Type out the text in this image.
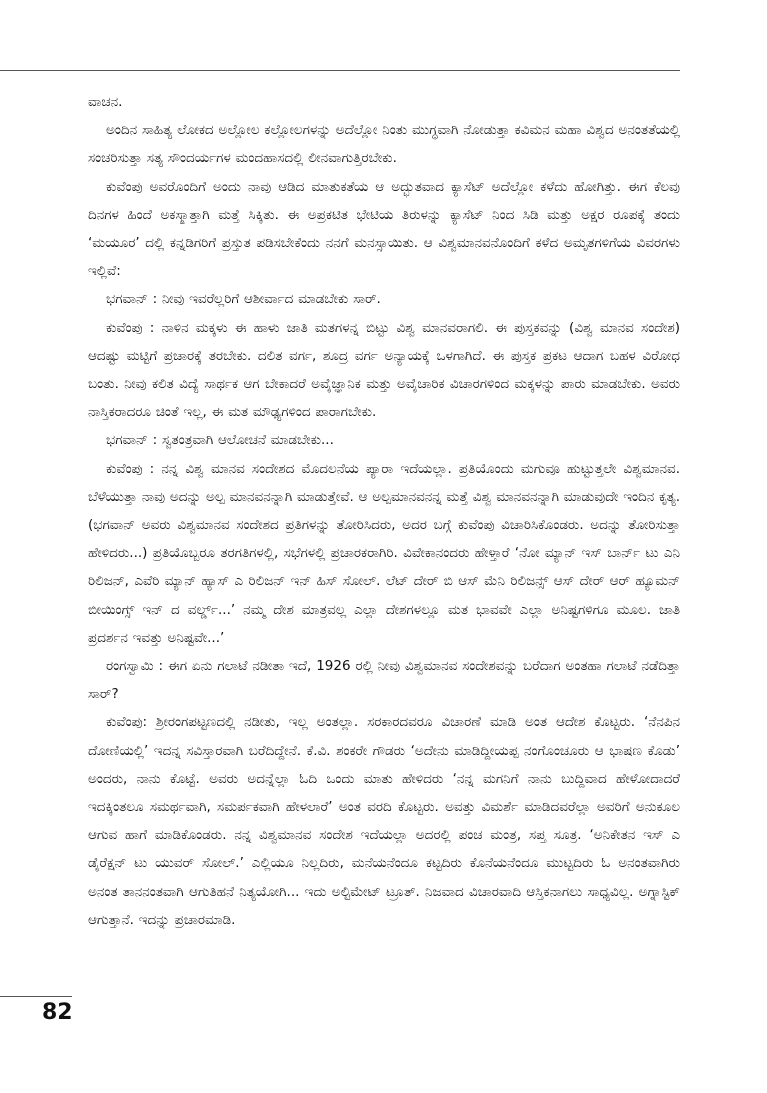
ವಾಚನ.

ಅಂದಿನ ಸಾಹಿತ್ಯ ಲೋಕದ ಅಲ್ಲೋಲ ಕಲ್ಲೋಲಗಳನ್ನು ಅದೆಲ್ಲೋ ನಿಂತು ಮುಗ್ಧವಾಗಿ ನೋಡುತ್ತಾ ಕವಿಮನ ಮಹಾ ವಿಶ್ವದ ಅನಂತತೆಯಲ್ಲಿ ಸಂಚರಿಸುತ್ತಾ ಸತ್ಯ ಸೌಂದರ್ಯಗಳ ಮಂದಹಾಸದಲ್ಲಿ ಲೀನವಾಗುತ್ತಿರಬೇಕು.

ಕುವೆಂಪು ಅವರೊಂದಿಗೆ ಅಂದು ನಾವು ಆಡಿದ ಮಾತುಕತೆಯ ಆ ಅದ್ಭುತವಾದ ಕ್ಯಾಸೆಟ್ ಅದೆಲ್ಲೋ ಕಳೆದು ಹೋಗಿತ್ತು. ಈಗ ಕೆಲವು ದಿನಗಳ ಹಿಂದೆ ಅಕಸ್ಮಾತ್ತಾಗಿ ಮತ್ತೆ ಸಿಕ್ಕಿತು. ಈ ಅಪ್ರಕಟಿತ ಭೇಟಿಯ ತಿರುಳನ್ನು ಕ್ಯಾಸೆಟ್ ನಿಂದ ಸಿಡಿ ಮತ್ತು ಅಕ್ಷರ ರೂಪಕ್ಕೆ ತಂದು ‘ಮಯೂರ’ ದಲ್ಲಿ ಕನ್ನಡಿಗರಿಗೆ ಪ್ರಸ್ತುತ ಪಡಿಸಬೇಕೆಂದು ನನಗೆ ಮನಸ್ಸಾಯಿತು. ಆ ವಿಶ್ವಮಾನವನೊಂದಿಗೆ ಕಳೆದ ಅಮೃತಗಳಿಗೆಯ ವಿವರಗಳು ಇಲ್ಲಿವೆ:

ಭಗವಾನ್ : ನೀವು ಇವರೆಲ್ಲರಿಗೆ ಆಶೀರ್ವಾದ ಮಾಡಬೇಕು ಸಾರ್.

ಕುವೆಂಪು : ನಾಳಿನ ಮಕ್ಕಳು ಈ ಹಾಳು ಜಾತಿ ಮತಗಳನ್ನ ಬಿಟ್ಟು ವಿಶ್ವ ಮಾನವರಾಗಲಿ. ಈ ಪುಸ್ತಕವನ್ನು (ವಿಶ್ವ ಮಾನವ ಸಂದೇಶ) ಆದಷ್ಟು ಮಟ್ಟಿಗೆ ಪ್ರಚಾರಕ್ಕೆ ತರಬೇಕು. ದಲಿತ ವರ್ಗ, ಶೂದ್ರ ವರ್ಗ ಅನ್ಯಾಯಕ್ಕೆ ಒಳಗಾಗಿದೆ. ಈ ಪುಸ್ತಕ ಪ್ರಕಟ ಆದಾಗ ಬಹಳ ವಿರೋಧ ಬಂತು. ನೀವು ಕಲಿತ ವಿದ್ಯೆ ಸಾರ್ಥಕ ಆಗ ಬೇಕಾದರೆ ಅವೈಜ್ಞಾನಿಕ ಮತ್ತು ಅವೈಚಾರಿಕ ವಿಚಾರಗಳಿಂದ ಮಕ್ಕಳನ್ನು ಪಾರು ಮಾಡಬೇಕು. ಅವರು ನಾಸ್ತಿಕರಾದರೂ ಚಿಂತೆ ಇಲ್ಲ, ಈ ಮತ ಮೌಢ್ಯಗಳಿಂದ ಪಾರಾಗಬೇಕು.

ಭಗವಾನ್ : ಸ್ವತಂತ್ರವಾಗಿ ಆಲೋಚನೆ ಮಾಡಬೇಕು...

ಕುವೆಂಪು : ನನ್ನ ವಿಶ್ವ ಮಾನವ ಸಂದೇಶದ ಮೊದಲನೆಯ ಪ್ಯಾರಾ ಇದೆಯಲ್ಲಾ. ಪ್ರತಿಯೊಂದು ಮಗುವೂ ಹುಟ್ಟುತ್ತಲೇ ವಿಶ್ವಮಾನವ. ಬೆಳೆಯುತ್ತಾ ನಾವು ಅದನ್ನು ಅಲ್ಪ ಮಾನವನನ್ನಾಗಿ ಮಾಡುತ್ತೇವೆ. ಆ ಅಲ್ಪಮಾನವನನ್ನ ಮತ್ತೆ ವಿಶ್ವ ಮಾನವನನ್ನಾಗಿ ಮಾಡುವುದೇ ಇಂದಿನ ಕೃತ್ಯ. (ಭಗವಾನ್ ಅವರು ವಿಶ್ವಮಾನವ ಸಂದೇಶದ ಪ್ರತಿಗಳನ್ನು ತೋರಿಸಿದರು, ಅದರ ಬಗ್ಗೆ ಕುವೆಂಪು ವಿಚಾರಿಸಿಕೊಂಡರು. ಅದನ್ನು ತೋರಿಸುತ್ತಾ ಹೇಳಿದರು...) ಪ್ರತಿಯೊಬ್ಬರೂ ತರಗತಿಗಳಲ್ಲಿ, ಸಭೆಗಳಲ್ಲಿ ಪ್ರಚಾರಕರಾಗಿರಿ. ವಿವೇಕಾನಂದರು ಹೇಳ್ತಾರೆ ‘ನೋ ಮ್ಯಾನ್ ಇಸ್ ಬಾರ್ನ್ ಟು ಎನಿ ರಿಲಿಜನ್, ಎವೆರಿ ಮ್ಯಾನ್ ಹ್ಯಾಸ್ ಎ ರಿಲಿಜನ್ ಇನ್ ಹಿಸ್ ಸೋಲ್. ಲೆಟ್ ದೇರ್ ಬಿ ಆಸ್ ಮೆನಿ ರಿಲಿಜನ್ಸ್ ಆಸ್ ದೇರ್ ಆರ್ ಹ್ಯೂಮನ್ ಬೀಯಿಂಗ್ಸ್ ಇನ್ ದ ವರ್ಲ್ಡ್...’ ನಮ್ಮ ದೇಶ ಮಾತ್ರವಲ್ಲ ಎಲ್ಲಾ ದೇಶಗಳಲ್ಲೂ ಮತ ಭಾವವೇ ಎಲ್ಲಾ ಅನಿಷ್ಟಗಳಿಗೂ ಮೂಲ. ಜಾತಿ ಪ್ರದರ್ಶನ ಇವತ್ತು ಅನಿಷ್ಟವೇ...’

ರಂಗಸ್ವಾಮಿ : ಈಗ ಏನು ಗಲಾಟೆ ನಡೀತಾ ಇದೆ, 1926 ರಲ್ಲಿ ನೀವು ವಿಶ್ವಮಾನವ ಸಂದೇಶವನ್ನು ಬರೆದಾಗ ಅಂತಹಾ ಗಲಾಟೆ ನಡೆದಿತ್ತಾ ಸಾರ್?

ಕುವೆಂಪು: ಶ್ರೀರಂಗಪಟ್ಟಣದಲ್ಲಿ ನಡೀತು, ಇಲ್ಲ ಅಂತಲ್ಲಾ. ಸರಕಾರದವರೂ ವಿಚಾರಣೆ ಮಾಡಿ ಅಂತ ಆದೇಶ ಕೊಟ್ಟರು. ‘ನೆನಪಿನ ದೋಣಿಯಲ್ಲಿ’ ಇದನ್ನ ಸವಿಸ್ತಾರವಾಗಿ ಬರೆದಿದ್ದೇನೆ. ಕೆ.ವಿ. ಶಂಕರೇ ಗೌಡರು ‘ಅದೇನು ಮಾಡಿದ್ದೀಯಪ್ಪ ನಂಗೊಂಚೂರು ಆ ಭಾಷಣ ಕೊಡು’ ಅಂದರು, ನಾನು ಕೊಟ್ಟೆ. ಅವರು ಅದನ್ನೆಲ್ಲಾ ಓದಿ ಒಂದು ಮಾತು ಹೇಳಿದರು ‘ನನ್ನ ಮಗನಿಗೆ ನಾನು ಬುದ್ದಿವಾದ ಹೇಳೋದಾದರೆ ಇದಕ್ಕಿಂತಲೂ ಸಮರ್ಥವಾಗಿ, ಸಮರ್ಪಕವಾಗಿ ಹೇಳಲಾರೆ’ ಅಂತ ವರದಿ ಕೊಟ್ಟರು. ಅವತ್ತು ವಿಮರ್ಶೆ ಮಾಡಿದವರೆಲ್ಲಾ ಅವರಿಗೆ ಅನುಕೂಲ ಆಗುವ ಹಾಗೆ ಮಾಡಿಕೊಂಡರು. ನನ್ನ ವಿಶ್ವಮಾನವ ಸಂದೇಶ ಇದೆಯಲ್ಲಾ ಅದರಲ್ಲಿ ಪಂಚ ಮಂತ್ರ, ಸಪ್ತ ಸೂತ್ರ. ‘ಅನಿಕೇತನ ಇಸ್ ಎ ಡೈರೆಕ್ಷನ್ ಟು ಯುವರ್ ಸೋಲ್.’ ಎಲ್ಲಿಯೂ ನಿಲ್ಲದಿರು, ಮನೆಯನೆಂದೂ ಕಟ್ಟದಿರು ಕೊನೆಯನೆಂದೂ ಮುಟ್ಟದಿರು ಓ ಅನಂತವಾಗಿರು ಅನಂತ ತಾನನಂತವಾಗಿ ಆಗುತಿಹನೆ ನಿತ್ಯಯೋಗಿ... ಇದು ಅಲ್ಟಿಮೇಟ್ ಟ್ರೂತ್. ನಿಜವಾದ ವಿಚಾರವಾದಿ ಆಸ್ತಿಕನಾಗಲು ಸಾಧ್ಯವಿಲ್ಲ. ಅಗ್ನಾಸ್ಟಿಕ್ ಆಗುತ್ತಾನೆ. ಇದನ್ನು ಪ್ರಚಾರಮಾಡಿ.

82
